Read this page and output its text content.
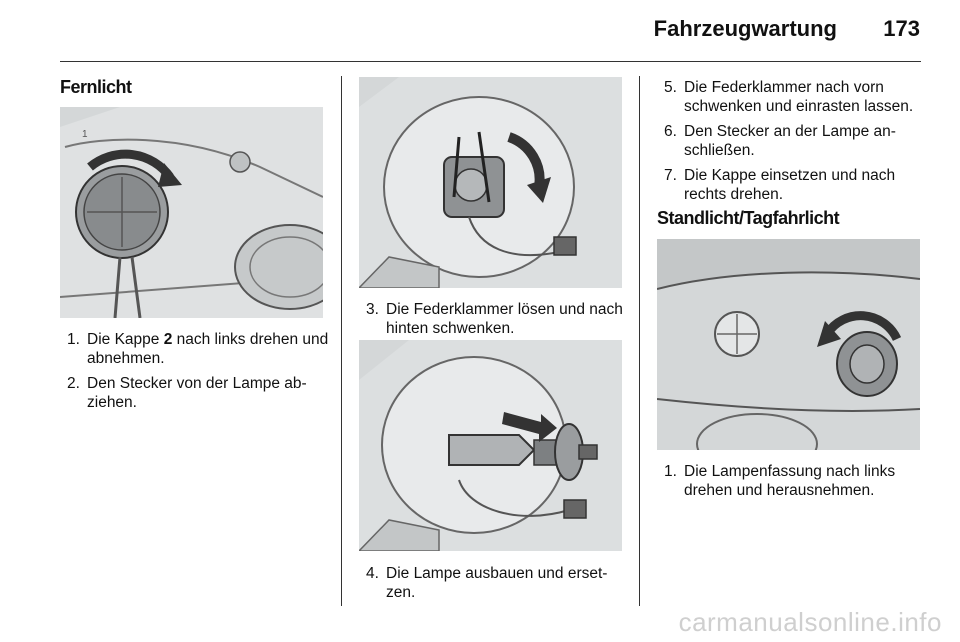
Fahrzeugwartung 173
Fernlicht
1
1. Die Kappe 2 nach links drehen und abnehmen.
2. Den Stecker von der Lampe ab-ziehen.
3. Die Federklammer lösen und nach hinten schwenken.
4. Die Lampe ausbauen und erset-zen.
5. Die Federklammer nach vorn schwenken und einrasten lassen.
6. Den Stecker an der Lampe an-schließen.
7. Die Kappe einsetzen und nach rechts drehen.
Standlicht/Tagfahrlicht
1. Die Lampenfassung nach links drehen und herausnehmen.
carmanualsonline.info
